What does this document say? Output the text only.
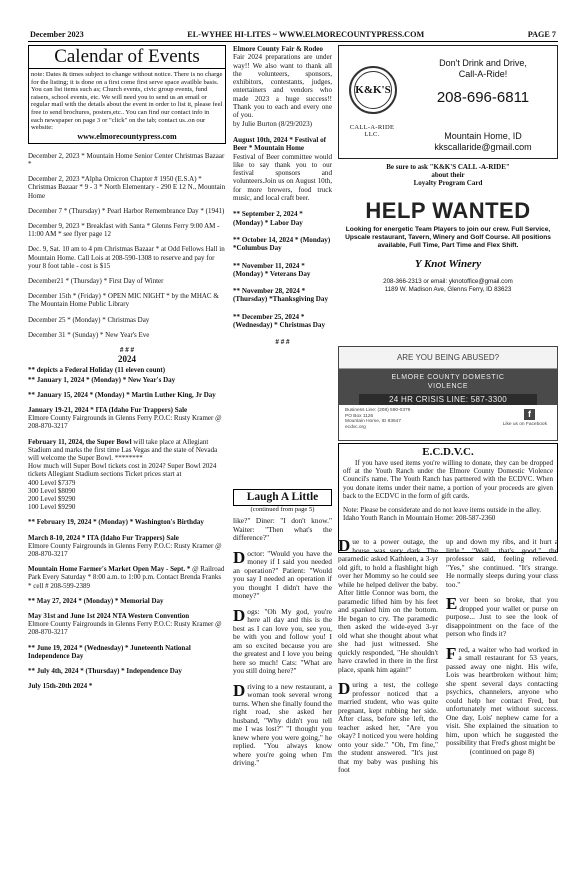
December 2023	EL-WYHEE HI-LITES ~ WWW.ELMORECOUNTYPRESS.COM	PAGE 7
Calendar of Events
note: Dates & times subject to change without notice. There is no charge for the listing; it is done on a first come first serve space availble basis. You can list items such as; Church events, civic group events, fund raisers, school events, etc. We will need you to send us an email or regular mail with the details about the event in order to list it, please feel free to send brochures, posters,etc.. You can find our contact info in each newspaper on page 3 or "click" on the tab; contact us..on our website:
www.elmorecountypress.com
December 2, 2023 * Mountain Home Senior Center Christmas Bazaar *
December 2, 2023 *Alpha Omicron Chapter # 1950 (E.S.A) * Christmas Bazaar * 9 - 3 * North Elementary - 290 E 12 N., Mountain Home
December 7 * (Thursday) * Pearl Harbor Remembrance Day * (1941)
December 9, 2023 * Breakfast with Santa * Glenns Ferry 9:00 AM - 11:00 AM * see flyer page 12
Dec. 9, Sat. 10 am to 4 pm Christmas Bazaar * at Odd Fellows Hall in Mountain Home. Call Lois at 208-590-1308 to reserve and pay for your 8 foot table - cost is $15
December21 * (Thursday) * First Day of Winter
December 15th * (Friday) * OPEN MIC NIGHT * by the MHAC & The Mountain Home Public Library
December 25 * (Monday) * Christmas Day
December 31 * (Sunday) * New Year's Eve
# # #
2024
** depicts a Federal Holiday (11 eleven count)
** January 1, 2024 * (Monday) * New Year's Day
** January 15, 2024 * (Monday) * Martin Luther King, Jr Day
January 19-21, 2024 * ITA (Idaho Fur Trappers) Sale
Elmore County Fairgrounds in Glenns Ferry P.O.C: Rusty Kramer @ 208-870-3217
February 11, 2024, the Super Bowl will take place at Allegiant Stadium and marks the first time Las Vegas and the state of Nevada will welcome the Super Bowl. ********
How much will Super Bowl tickets cost in 2024? Super Bowl 2024 tickets Allegiant Stadium sections Ticket prices start at
400 Level $7379
300 Level $8090
200 Level $9290
100 Level $9290
** February 19, 2024 * (Monday) * Washington's Birthday
March 8-10, 2024 * ITA (Idaho Fur Trappers) Sale
Elmore County Fairgrounds in Glenns Ferry P.O.C: Rusty Kramer @ 208-870-3217
Mountain Home Farmer's Market Open May - Sept. * @ Railroad Park Every Saturday * 8:00 a.m. to 1:00 p.m. Contact Brenda Franks * cell # 208-599-2389
** May 27, 2024 * (Monday) * Memorial Day
May 31st and June 1st 2024 NTA Western Convention
Elmore County Fairgrounds in Glenns Ferry P.O.C: Rusty Kramer @ 208-870-3217
** June 19, 2024 * (Wednesday) * Juneteenth National Independence Day
** July 4th, 2024 * (Thursday) * Independence Day
July 15th-20th 2024 *
Elmore County Fair & Rodeo

Fair 2024 preparations are under way!! We also want to thank all the volunteers, sponsors, exhibitors, contestants, judges, entertainers and vendors who made 2023 a huge success!! Thank you to each and every one of you.
by Julie Burton (8/29/2023)
August 10th, 2024 * Festival of Beer * Mountain Home

Festival of Beer committee would like to say thank you to our festival sponsors and volunteers.Join us on August 10th, for more brewers, food truck music, and local craft beer.
** September 2, 2024 * (Monday) * Labor Day
** October 14, 2024 * (Monday) *Columbus Day
** November 11, 2024 * (Monday) * Veterans Day
** November 28, 2024 * (Thursday) *Thanksgiving Day
** December 25, 2024 * (Wednesday) * Christmas Day
# # #
K&K'S
CALL-A-RIDE LLC.
Don't Drink and Drive,
Call-A-Ride!
208-696-6811
Mountain Home, ID
kkscallaride@gmail.com
Be sure to ask "K&K'S CALL -A-RIDE"
about their
Loyalty Program Card
HELP WANTED
Looking for energetic Team Players to join our crew. Full Service, Upscale restaurant, Tavern, Winery and Golf Course. All positions available, Full Time, Part Time and Flex Shift.
Y Knot Winery
208-366-2313 or email: yknotoffice@gmail.com
1189 W. Madison Ave, Glenns Ferry, ID 83623
ARE YOU BEING ABUSED?
ELMORE COUNTY DOMESTIC
VIOLENCE
24 HR CRISIS LINE: 587-3300
Business Line: (208) 590-0379
PO Box 1126
Mountain Home, ID 83647
ecdvc.org
f
Like us on Facebook
E.C.D.V.C.
If you have used items you're willing to donate, they can be dropped off at the Youth Ranch under the Elmore County Domestic Violence Council's name. The Youth Ranch has partnered with the ECDVC. When you donate items under their name, a portion of your proceeds are given back to the ECDVC in the form of gift cards.
Note: Please be considerate and do not leave items outside in the alley.
Idaho Youth Ranch in Mountain Home: 208-587-2360
Laugh A Little
(continued from page 5)
like?" Diner: "I don't know." Waiter: "Then what's the difference?"
Doctor: "Would you have the money if I said you needed an operation?" Patient: "Would you say I needed an operation if you thought I didn't have the money?"
Dogs: "Oh My god, you're here all day and this is the best as I can love you, see you, be with you and follow you! I am so excited because you are the greatest and I love you being here so much! Cats: "What are you still doing here?"
Driving to a new restaurant, a woman took several wrong turns. When she finally found the right road, she asked her husband, "Why didn't you tell me I was lost?" "I thought you knew where you were going," he replied. "You always know where you're going when I'm driving."
Due to a power outage, the house was very dark. The paramedic asked Kathleen, a 3-yr old gift, to hold a flashlight high over her Mommy so he could see while he helped deliver the baby. After little Connor was born, the paramedic lifted him by his feet and spanked him on the bottom. He began to cry. The paramedic then asked the wide-eyed 3-yr old what she thought about what she had just witnessed. She quickly responded, "He shouldn't have crawled in there in the first place, spank him again!"
During a test, the college professor noticed that a married student, who was quite pregnant, kept rubbing her side. After class, before she left, the teacher asked her, "Are you okay? I noticed you were holding onto your side." "Oh, I'm fine," the student answered. "It's just that my baby was pushing his foot
up and down my ribs, and it hurt a little." "Well, that's good," the professor said, feeling relieved. "Yes," she continued. "It's strange. He normally sleeps during your class too."
Ever been so broke, that you dropped your wallet or purse on purpose... Just to see the look of disappointment on the face of the person who finds it?
Fred, a waiter who had worked in a small restaurant for 53 years, passed away one night. His wife, Lois was heartbroken without him; she spent several days contacting psychics, channelers, anyone who could help her contact Fred, but unfortunately met without success. One day, Lois' nephew came for a visit. She explained the situation to him, upon which he suggested the possibility that Fred's ghost might be
(continued on page 8)
